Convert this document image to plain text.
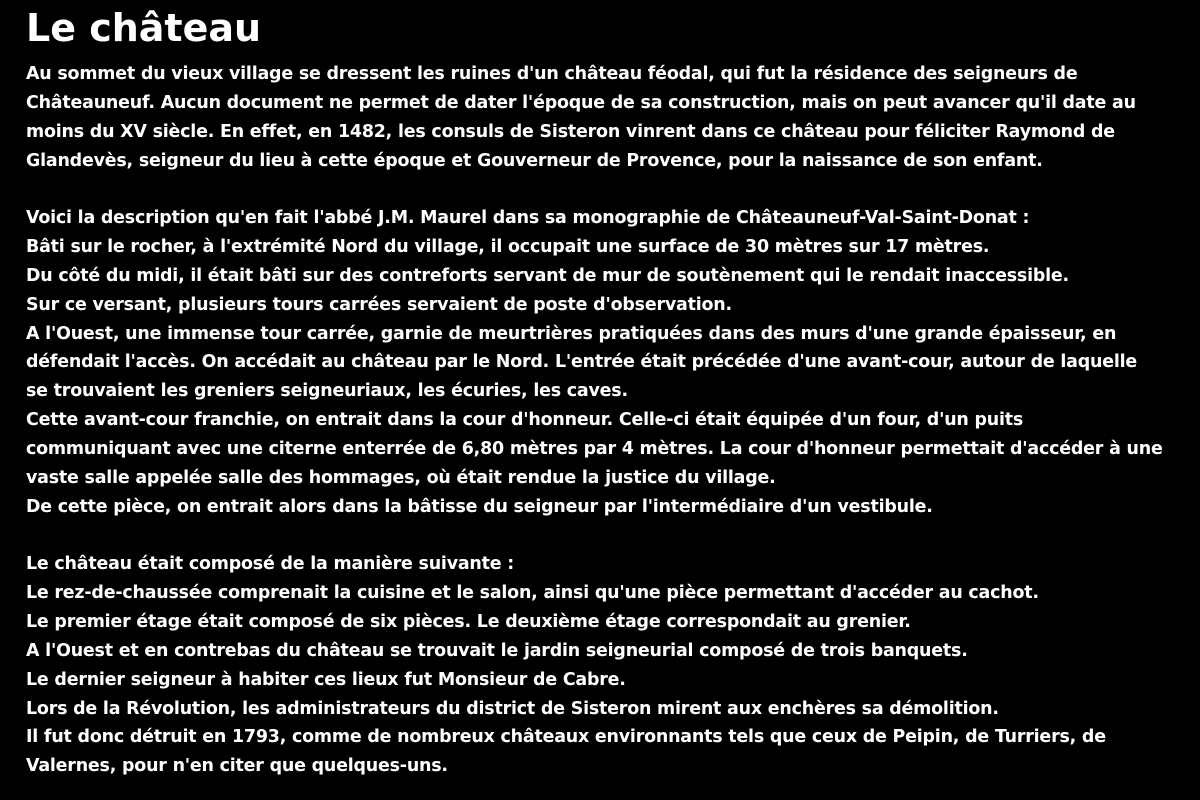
Le château
Au sommet du vieux village se dressent les ruines d'un château féodal, qui fut la résidence des seigneurs de
Châteauneuf. Aucun document ne permet de dater l'époque de sa construction, mais on peut avancer qu'il date au
moins du XV siècle. En effet, en 1482, les consuls de Sisteron vinrent dans ce château pour féliciter Raymond de
Glandevès, seigneur du lieu à cette époque et Gouverneur de Provence, pour la naissance de son enfant.
Voici la description qu'en fait l'abbé J.M. Maurel dans sa monographie de Châteauneuf-Val-Saint-Donat :
Bâti sur le rocher, à l'extrémité Nord du village, il occupait une surface de 30 mètres sur 17 mètres.
Du côté du midi, il était bâti sur des contreforts servant de mur de soutènement qui le rendait inaccessible.
Sur ce versant, plusieurs tours carrées servaient de poste d'observation.
A l'Ouest, une immense tour carrée, garnie de meurtrières pratiquées dans des murs d'une grande épaisseur, en
défendait l'accès. On accédait au château par le Nord. L'entrée était précédée d'une avant-cour, autour de laquelle
se trouvaient les greniers seigneuriaux, les écuries, les caves.
Cette avant-cour franchie, on entrait dans la cour d'honneur. Celle-ci était équipée d'un four, d'un puits
communiquant avec une citerne enterrée de 6,80 mètres par 4 mètres. La cour d'honneur permettait d'accéder à une
vaste salle appelée salle des hommages, où était rendue la justice du village.
De cette pièce, on entrait alors dans la bâtisse du seigneur par l'intermédiaire d'un vestibule.
Le château était composé de la manière suivante :
Le rez-de-chaussée comprenait la cuisine et le salon, ainsi qu'une pièce permettant d'accéder au cachot.
Le premier étage était composé de six pièces. Le deuxième étage correspondait au grenier.
A l'Ouest et en contrebas du château se trouvait le jardin seigneurial composé de trois banquets.
Le dernier seigneur à habiter ces lieux fut Monsieur de Cabre.
Lors de la Révolution, les administrateurs du district de Sisteron mirent aux enchères sa démolition.
Il fut donc détruit en 1793, comme de nombreux châteaux environnants tels que ceux de Peipin, de Turriers, de
Valernes, pour n'en citer que quelques-uns.
